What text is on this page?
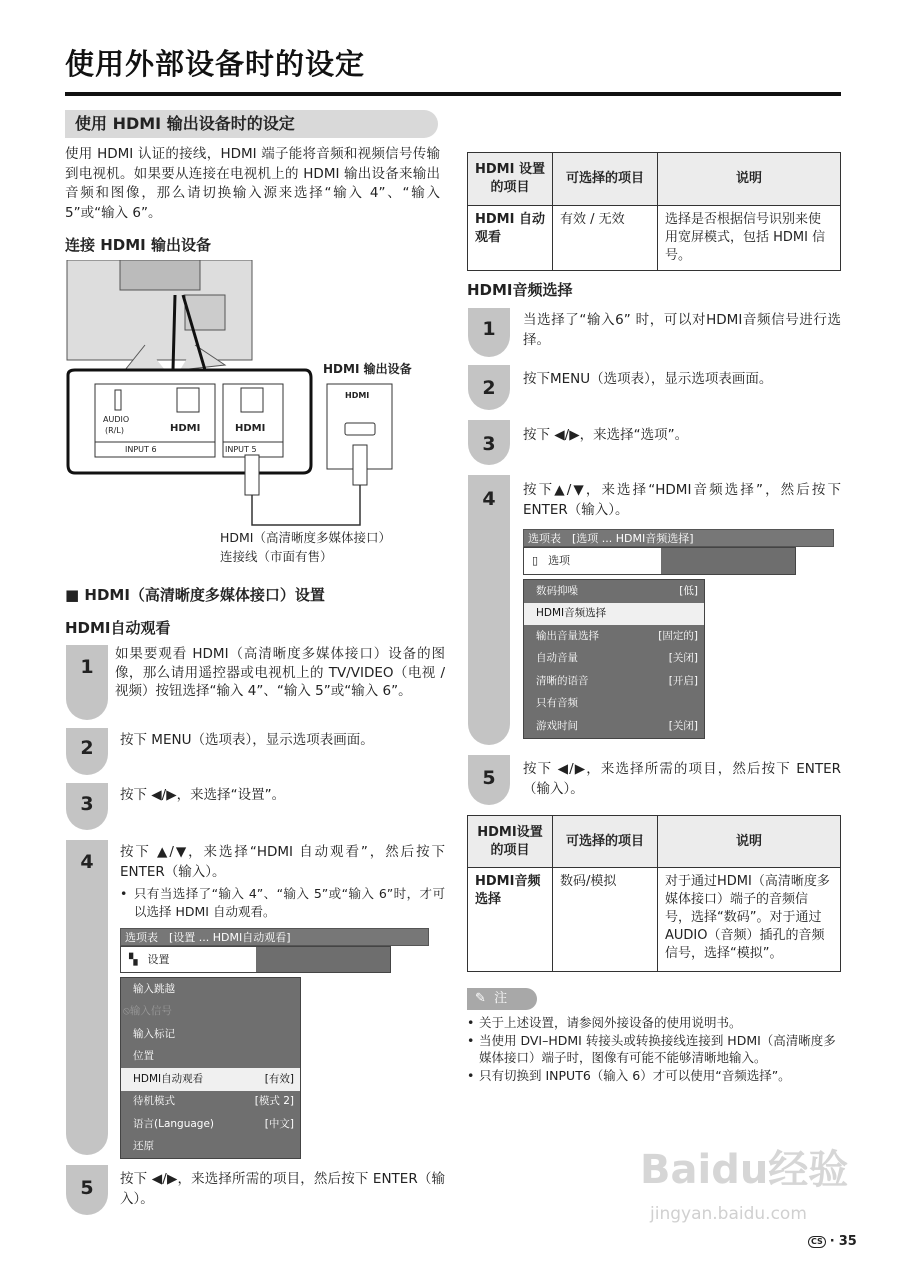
使用外部设备时的设定
使用 HDMI 输出设备时的设定
使用 HDMI 认证的接线，HDMI 端子能将音频和视频信号传输到电视机。如果要从连接在电视机上的 HDMI 输出设备来输出音频和图像，那么请切换输入源来选择“输入 4”、“输入 5”或“输入 6”。
连接 HDMI 输出设备
HDMI 输出设备
AUDIO
(R/L)	HDMI	HDMI
HDMI
INPUT 6	INPUT 5
HDMI（高清晰度多媒体接口）
连接线（市面有售）
■ HDMI（高清晰度多媒体接口）设置
HDMI自动观看
1
如果要观看 HDMI（高清晰度多媒体接口）设备的图像，那么请用遥控器或电视机上的 TV/VIDEO（电视 / 视频）按钮选择“输入 4”、“输入 5”或“输入 6”。
2	按下 MENU（选项表），显示选项表画面。
3	按下 ◀/▶，来选择“设置”。
4	按下 ▲/▼，来选择“HDMI 自动观看”，然后按下 ENTER（输入）。
• 只有当选择了“输入 4”、“输入 5”或“输入 6”时，才可以选择 HDMI 自动观看。
选项表　[设置 ... HDMI自动观看]
▚ 设置
输入跳越
⦸输入信号
输入标记
位置
HDMI自动观看	[有效]
待机模式	[模式 2]
语言(Language)	[中文]
还原
5	按下 ◀/▶，来选择所需的项目，然后按下 ENTER（输入）。
HDMI 设置的项目	可选择的项目	说明
HDMI 自动观看	有效 / 无效	选择是否根据信号识别来使用宽屏模式，包括 HDMI 信号。
HDMI音频选择
1	当选择了“输入6” 时，可以对HDMI音频信号进行选择。
2	按下MENU（选项表），显示选项表画面。
3	按下 ◀/▶，来选择“选项”。
4	按下▲/▼，来选择“HDMI音频选择”，然后按下ENTER（输入）。
选项表　[选项 ... HDMI音频选择]
▯ 选项
数码抑噪	[低]
HDMI音频选择
输出音量选择	[固定的]
自动音量	[关闭]
清晰的语音	[开启]
只有音频
游戏时间	[关闭]
5	按下 ◀/▶，来选择所需的项目，然后按下 ENTER（输入）。
HDMI设置的项目	可选择的项目	说明
HDMI音频选择	数码/模拟	对于通过HDMI（高清晰度多媒体接口）端子的音频信号，选择“数码”。对于通过AUDIO（音频）插孔的音频信号，选择“模拟”。
✎ 注
• 关于上述设置，请参阅外接设备的使用说明书。
• 当使用 DVI–HDMI 转接头或转换接线连接到 HDMI（高清晰度多媒体接口）端子时，图像有可能不能够清晰地输入。
• 只有切换到 INPUT6（输入 6）才可以使用“音频选择”。
Baidu经验
jingyan.baidu.com
CS · 35
